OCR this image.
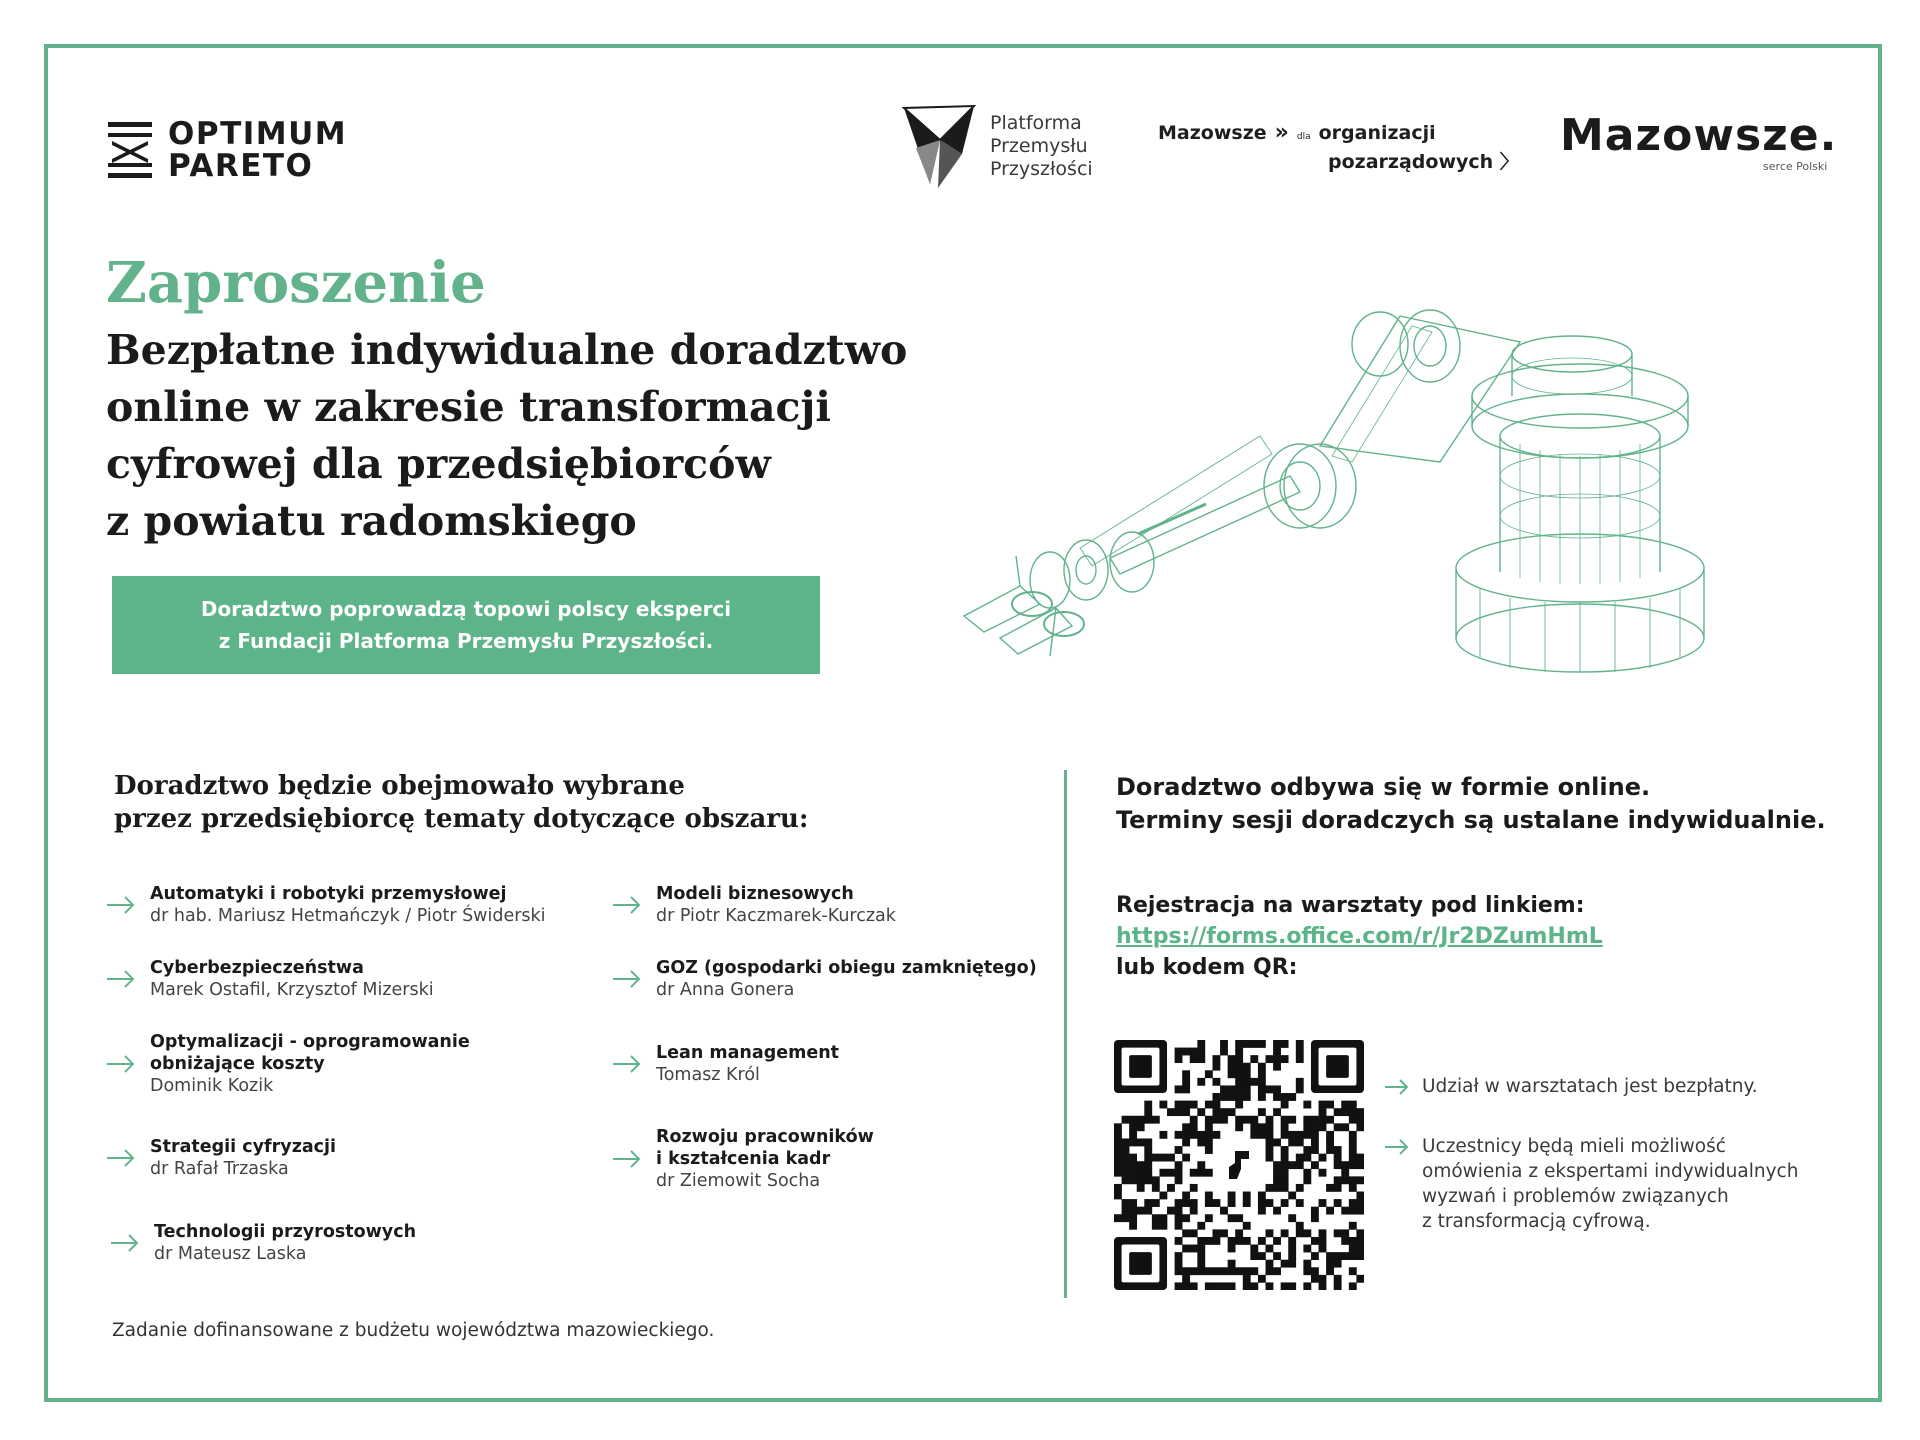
OPTIMUM
PARETO
Platforma
Przemysłu
Przyszłości
Mazowsze » dla organizacji
pozarządowych 〉
Mazowsze.
serce Polski
Zaproszenie
Bezpłatne indywidualne doradztwo
online w zakresie transformacji
cyfrowej dla przedsiębiorców
z powiatu radomskiego
Doradztwo poprowadzą topowi polscy eksperci
z Fundacji Platforma Przemysłu Przyszłości.
Doradztwo będzie obejmowało wybrane
przez przedsiębiorcę tematy dotyczące obszaru:
Automatyki i robotyki przemysłowej
dr hab. Mariusz Hetmańczyk / Piotr Świderski
Cyberbezpieczeństwa
Marek Ostafil, Krzysztof Mizerski
Optymalizacji - oprogramowanie
obniżające koszty
Dominik Kozik
Strategii cyfryzacji
dr Rafał Trzaska
Technologii przyrostowych
dr Mateusz Laska
Modeli biznesowych
dr Piotr Kaczmarek-Kurczak
GOZ (gospodarki obiegu zamkniętego)
dr Anna Gonera
Lean management
Tomasz Król
Rozwoju pracowników
i kształcenia kadr
dr Ziemowit Socha
Doradztwo odbywa się w formie online.
Terminy sesji doradczych są ustalane indywidualnie.
Rejestracja na warsztaty pod linkiem:
https://forms.office.com/r/Jr2DZumHmL
lub kodem QR:
Udział w warsztatach jest bezpłatny.
Uczestnicy będą mieli możliwość
omówienia z ekspertami indywidualnych
wyzwań i problemów związanych
z transformacją cyfrową.
Zadanie dofinansowane z budżetu województwa mazowieckiego.
